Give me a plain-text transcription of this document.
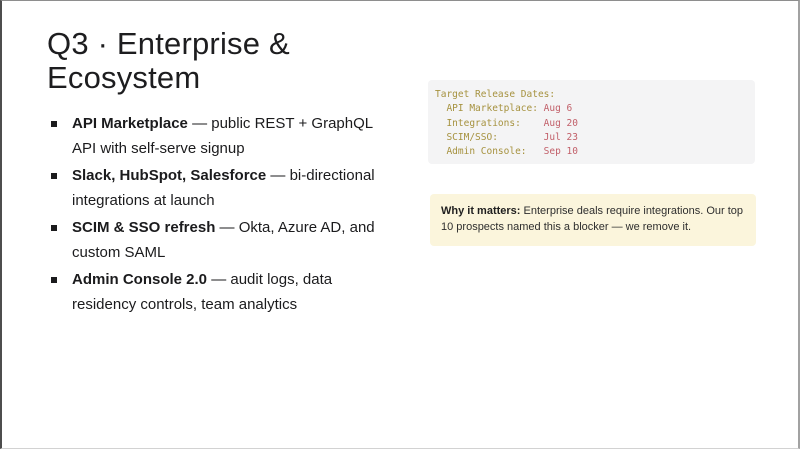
Q3 · Enterprise & Ecosystem
API Marketplace — public REST + GraphQL API with self-serve signup
Slack, HubSpot, Salesforce — bi-directional integrations at launch
SCIM & SSO refresh — Okta, Azure AD, and custom SAML
Admin Console 2.0 — audit logs, data residency controls, team analytics
Target Release Dates:
API Marketplace: Aug 6
Integrations:    Aug 20
SCIM/SSO:        Jul 23
Admin Console:   Sep 10
Why it matters: Enterprise deals require integrations. Our top 10 prospects named this a blocker — we remove it.
